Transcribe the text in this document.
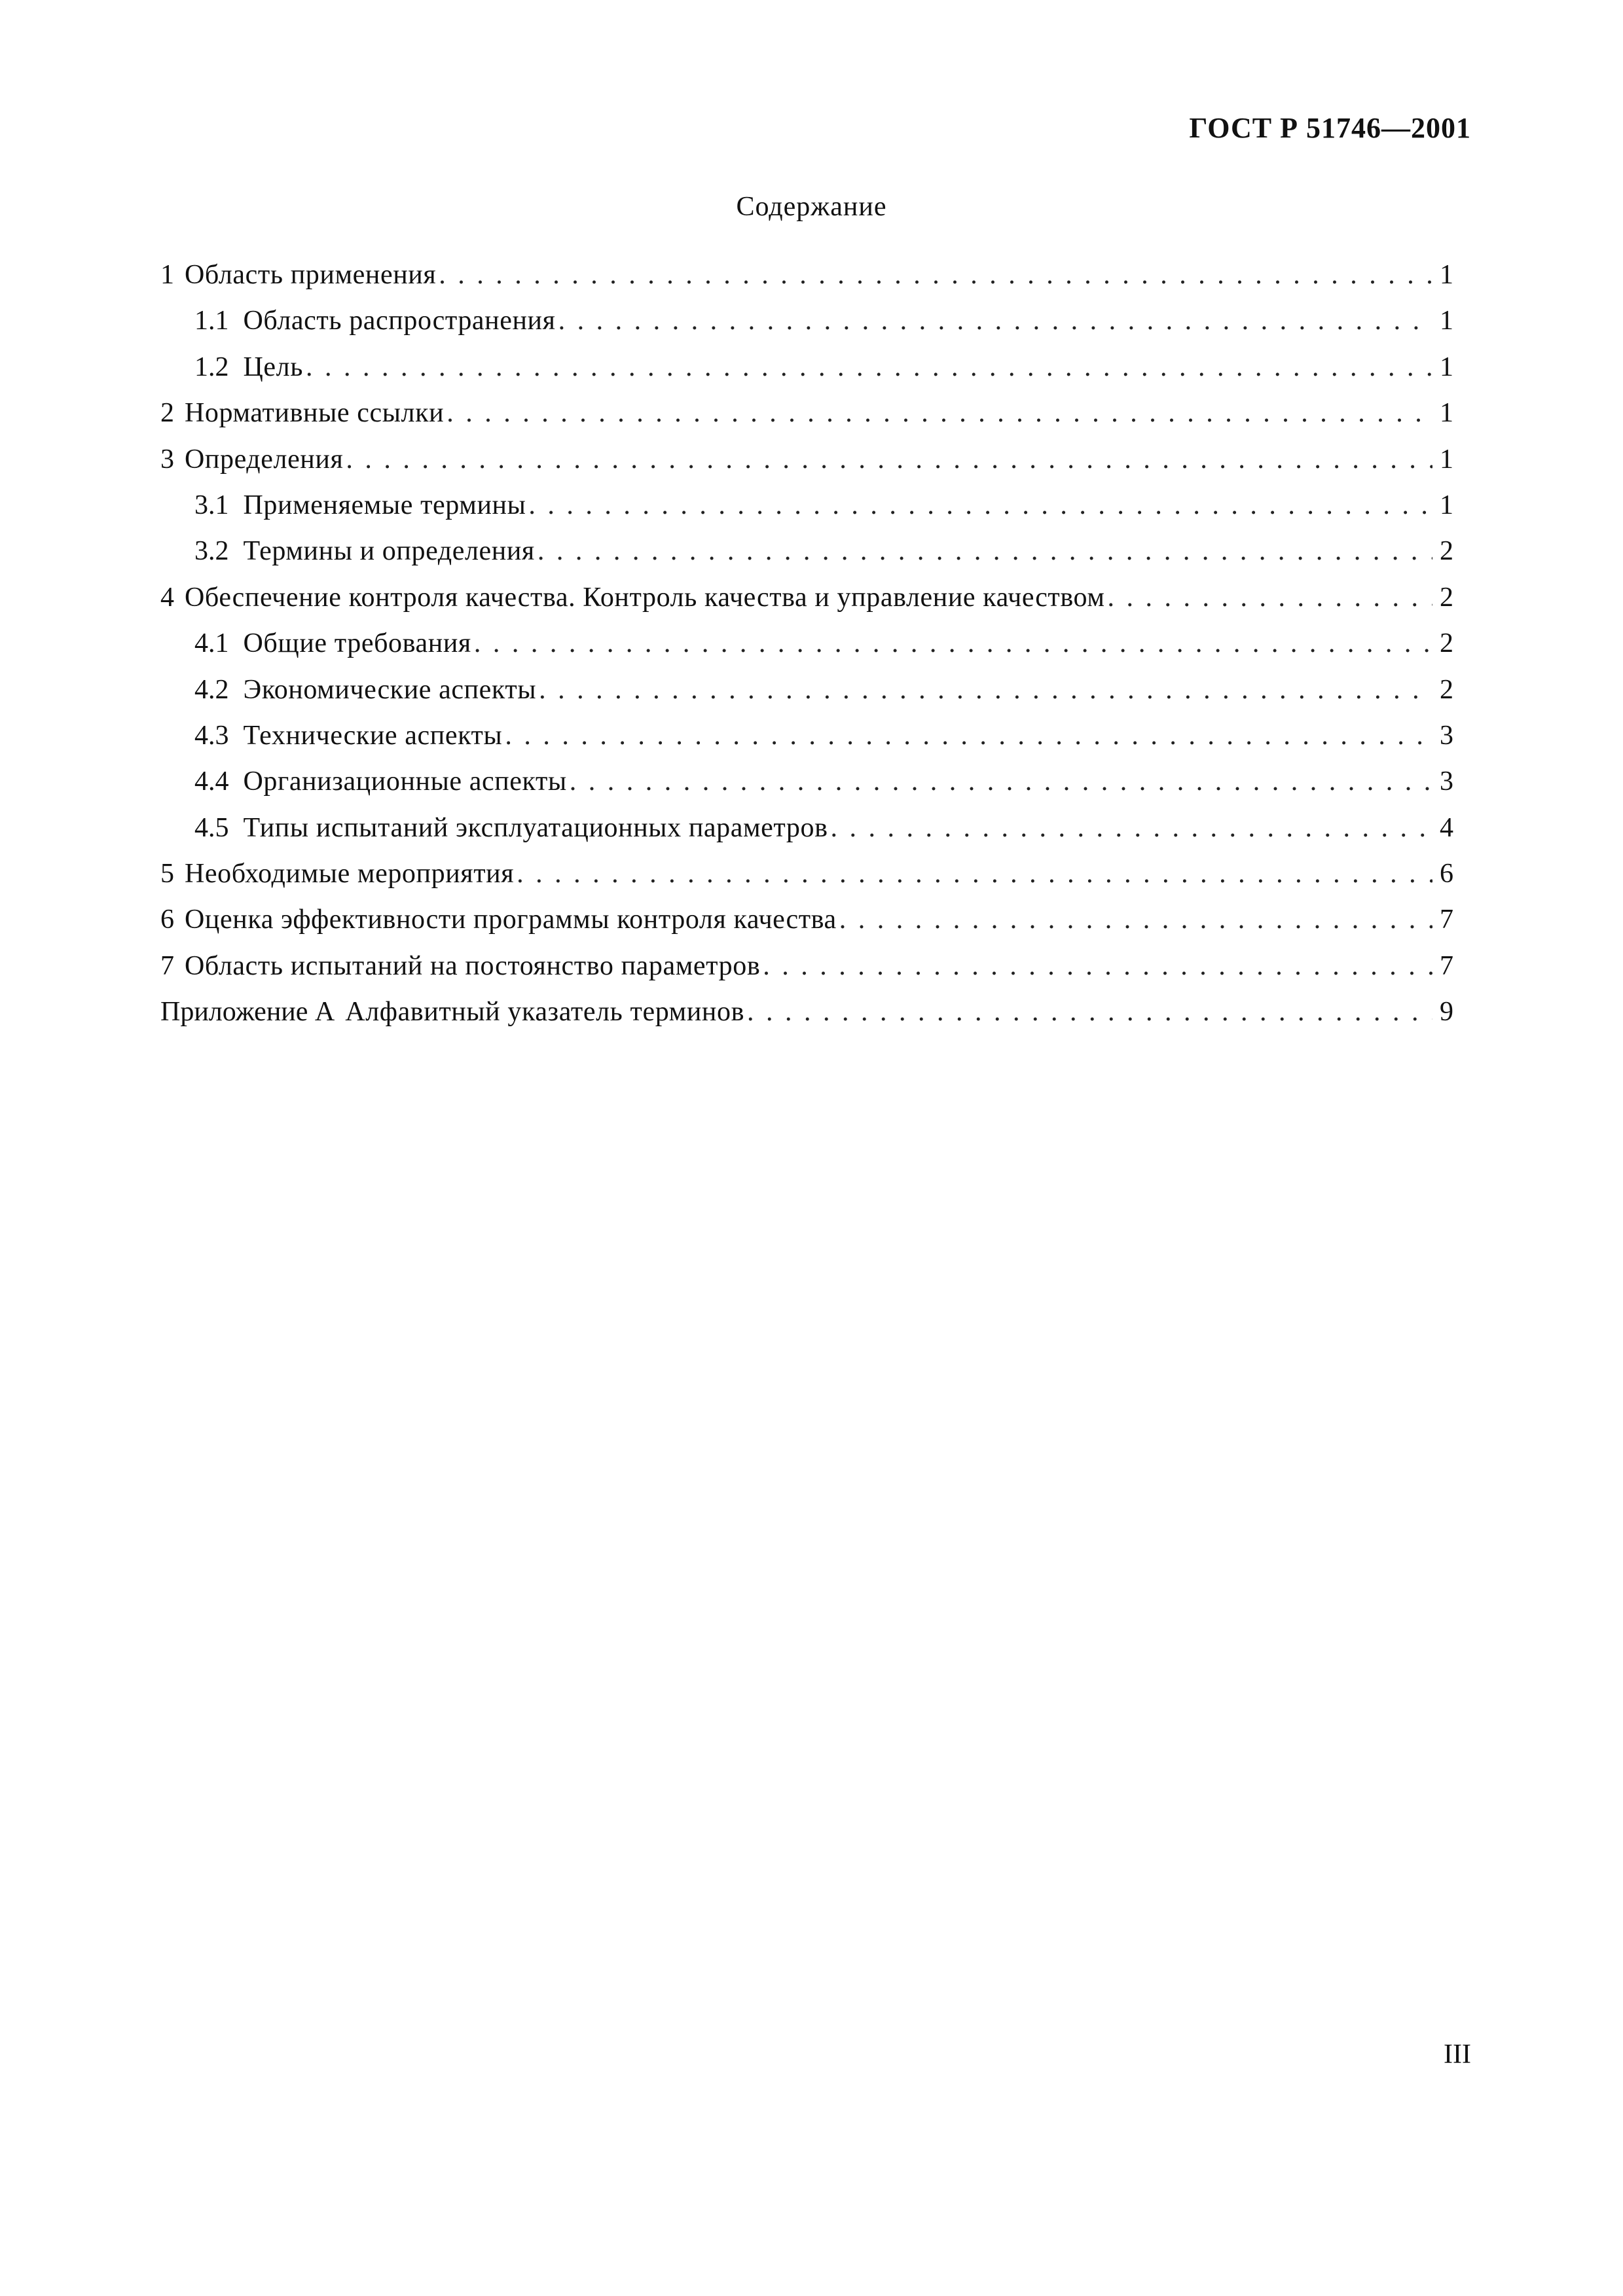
ГОСТ Р 51746—2001
Содержание
1 Область применения . . .	1
1.1 Область распространения . . .	1
1.2 Цель . . .	1
2 Нормативные ссылки . . .	1
3 Определения . . .	1
3.1 Применяемые термины . . .	1
3.2 Термины и определения . . .	2
4 Обеспечение контроля качества. Контроль качества и управление качеством . . .	2
4.1 Общие требования . . .	2
4.2 Экономические аспекты . . .	2
4.3 Технические аспекты . . .	3
4.4 Организационные аспекты . . .	3
4.5 Типы испытаний эксплуатационных параметров . . .	4
5 Необходимые мероприятия . . .	6
6 Оценка эффективности программы контроля качества . . .	7
7 Область испытаний на постоянство параметров . . .	7
Приложение А Алфавитный указатель терминов . . .	9
III
